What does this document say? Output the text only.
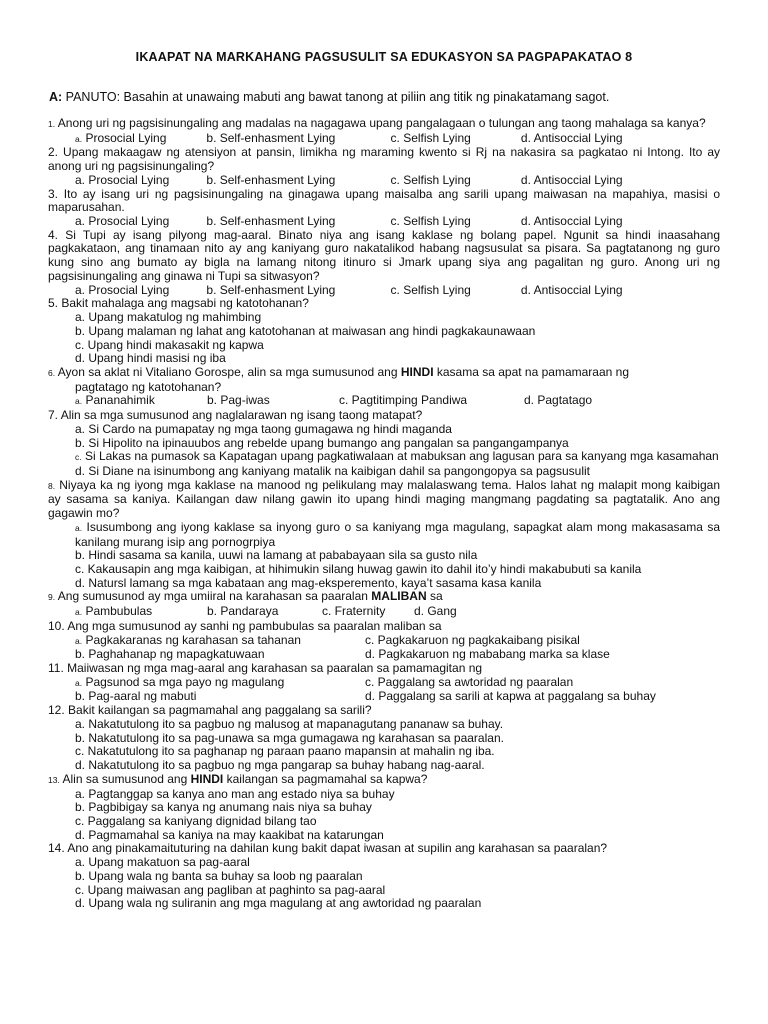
IKAAPAT NA MARKAHANG PAGSUSULIT SA EDUKASYON SA PAGPAPAKATAO 8
A: PANUTO: Basahin at unawaing mabuti ang bawat tanong at piliin ang titik ng pinakatamang sagot.
1. Anong uri ng pagsisinungaling ang madalas na nagagawa upang pangalagaan o tulungan ang taong mahalaga sa kanya?
a. Prosocial Lying	b. Self-enhasment Lying	c. Selfish Lying	d. Antisoccial Lying
2. Upang makaagaw ng atensiyon at pansin, limikha ng maraming kwento si Rj na nakasira sa pagkatao ni Intong. Ito ay anong uri ng pagsisinungaling?
a. Prosocial Lying	b. Self-enhasment Lying	c. Selfish Lying	d. Antisoccial Lying
3. Ito ay isang uri ng pagsisinungaling na ginagawa upang maisalba ang sarili upang maiwasan na mapahiya, masisi o maparusahan.
a. Prosocial Lying	b. Self-enhasment Lying	c. Selfish Lying	d. Antisoccial Lying
4. Si Tupi ay isang pilyong mag-aaral. Binato niya ang isang kaklase ng bolang papel. Ngunit sa hindi inaasahang pagkakataon, ang tinamaan nito ay ang kaniyang guro nakatalikod habang nagsusulat sa pisara. Sa pagtatanong ng guro kung sino ang bumato ay bigla na lamang nitong itinuro si Jmark upang siya ang pagalitan ng guro. Anong uri ng pagsisinungaling ang ginawa ni Tupi sa sitwasyon?
a. Prosocial Lying	b. Self-enhasment Lying	c. Selfish Lying	d. Antisoccial Lying
5. Bakit mahalaga ang magsabi ng katotohanan?
a. Upang makatulog ng mahimbing
b. Upang malaman ng lahat ang katotohanan at maiwasan ang hindi pagkakaunawaan
c. Upang hindi makasakit ng kapwa
d. Upang hindi masisi ng iba
6. Ayon sa aklat ni Vitaliano Gorospe, alin sa mga sumusunod ang HINDI kasama sa apat na pamamaraan ng
pagtatago ng katotohanan?
a. Pananahimik	b. Pag-iwas	c. Pagtitimping Pandiwa	d. Pagtatago
7. Alin sa mga sumusunod ang naglalarawan ng isang taong matapat?
a. Si Cardo na pumapatay ng mga taong gumagawa ng hindi maganda
b. Si Hipolito na ipinauubos ang rebelde upang bumango ang pangalan sa pangangampanya
c. Si Lakas na pumasok sa Kapatagan upang pagkatiwalaan at mabuksan ang lagusan para sa kanyang mga kasamahan
d. Si Diane na isinumbong ang kaniyang matalik na kaibigan dahil sa pangongopya sa pagsusulit
8. Niyaya ka ng iyong mga kaklase na manood ng pelikulang may malalaswang tema. Halos lahat ng malapit mong kaibigan ay sasama sa kaniya. Kailangan daw nilang gawin ito upang hindi maging mangmang pagdating sa pagtatalik. Ano ang gagawin mo?
a. Isusumbong ang iyong kaklase sa inyong guro o sa kaniyang mga magulang, sapagkat alam mong makasasama sa kanilang murang isip ang pornogrpiya
b. Hindi sasama sa kanila, uuwi na lamang at pababayaan sila sa gusto nila
c. Kakausapin ang mga kaibigan, at hihimukin silang huwag gawin ito dahil ito’y hindi makabubuti sa kanila
d. Natursl lamang sa mga kabataan ang mag-eksperemento, kaya’t sasama kasa kanila
9. Ang sumusunod ay mga umiiral na karahasan sa paaralan MALIBAN sa
a. Pambubulas	b. Pandaraya	c. Fraternity	d. Gang
10. Ang mga sumusunod ay sanhi ng pambubulas sa paaralan maliban sa
a. Pagkakaranas ng karahasan sa tahanan	c. Pagkakaruon ng pagkakaibang pisikal
b. Paghahanap ng mapagkatuwaan	d. Pagkakaruon ng mababang marka sa klase
11. Maiiwasan ng mga mag-aaral ang karahasan sa paaralan sa pamamagitan ng
a. Pagsunod sa mga payo ng magulang	c. Paggalang sa awtoridad ng paaralan
b. Pag-aaral ng mabuti	d. Paggalang sa sarili at kapwa at paggalang sa buhay
12. Bakit kailangan sa pagmamahal ang paggalang sa sarili?
a. Nakatutulong ito sa pagbuo ng malusog at mapanagutang pananaw sa buhay.
b. Nakatutulong ito sa pag-unawa sa mga gumagawa ng karahasan sa paaralan.
c. Nakatutulong ito sa paghanap ng paraan paano mapansin at mahalin ng iba.
d. Nakatutulong ito sa pagbuo ng mga pangarap sa buhay habang nag-aaral.
13. Alin sa sumusunod ang HINDI kailangan sa pagmamahal sa kapwa?
a. Pagtanggap sa kanya ano man ang estado niya sa buhay
b. Pagbibigay sa kanya ng anumang nais niya sa buhay
c. Paggalang sa kaniyang dignidad bilang tao
d. Pagmamahal sa kaniya na may kaakibat na katarungan
14. Ano ang pinakamaituturing na dahilan kung bakit dapat iwasan at supilin ang karahasan sa paaralan?
a. Upang makatuon sa pag-aaral
b. Upang wala ng banta sa buhay sa loob ng paaralan
c. Upang maiwasan ang pagliban at paghinto sa pag-aaral
d. Upang wala ng suliranin ang mga magulang at ang awtoridad ng paaralan
